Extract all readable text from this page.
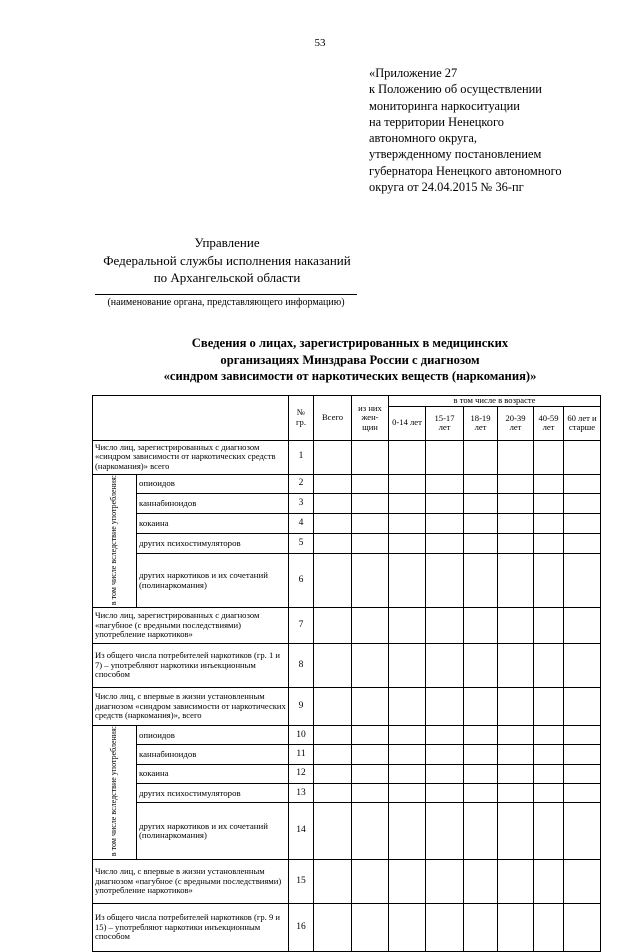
53
«Приложение 27
к Положению об осуществлении
мониторинга наркоситуации
на территории Ненецкого
автономного округа,
утвержденному постановлением
губернатора Ненецкого автономного
округа от 24.04.2015 № 36-пг
Управление
Федеральной службы исполнения наказаний
по Архангельской области
(наименование органа, представляющего информацию)
Сведения о лицах, зарегистрированных в медицинских
организациях Минздрава России с диагнозом
«синдром зависимости от наркотических веществ (наркомания)»
		№ гр.	Всего	из них жен-щин	в том числе в возрасте					
					0-14 лет	15-17 лет	18-19 лет	20-39 лет	40-59 лет	60 лет и старше
Число лиц, зарегистрированных с диагнозом «синдром зависимости от наркотических средств (наркомания)» всего		1								
в том числе вследствие употребления:	опиоидов	2								
	каннабиноидов	3								
	кокаина	4								
	других психостимуляторов	5								
	других наркотиков и их сочетаний (полинаркомания)	6								
Число лиц, зарегистрированных с диагнозом «пагубное (с вредными последствиями) употребление наркотиков»		7								
Из общего числа потребителей наркотиков (гр. 1 и 7) – употребляют наркотики инъекционным способом		8								
Число лиц, с впервые в жизни установленным диагнозом «синдром зависимости от наркотических средств (наркомания)», всего		9								
в том числе вследствие употребления:	опиоидов	10								
	каннабиноидов	11								
	кокаина	12								
	других психостимуляторов	13								
	других наркотиков и их сочетаний (полинаркомания)	14								
Число лиц, с впервые в жизни установленным диагнозом «пагубное (с вредными последствиями) употребление наркотиков»		15								
Из общего числа потребителей наркотиков (гр. 9 и 15) – употребляют наркотики инъекционным способом		16								
